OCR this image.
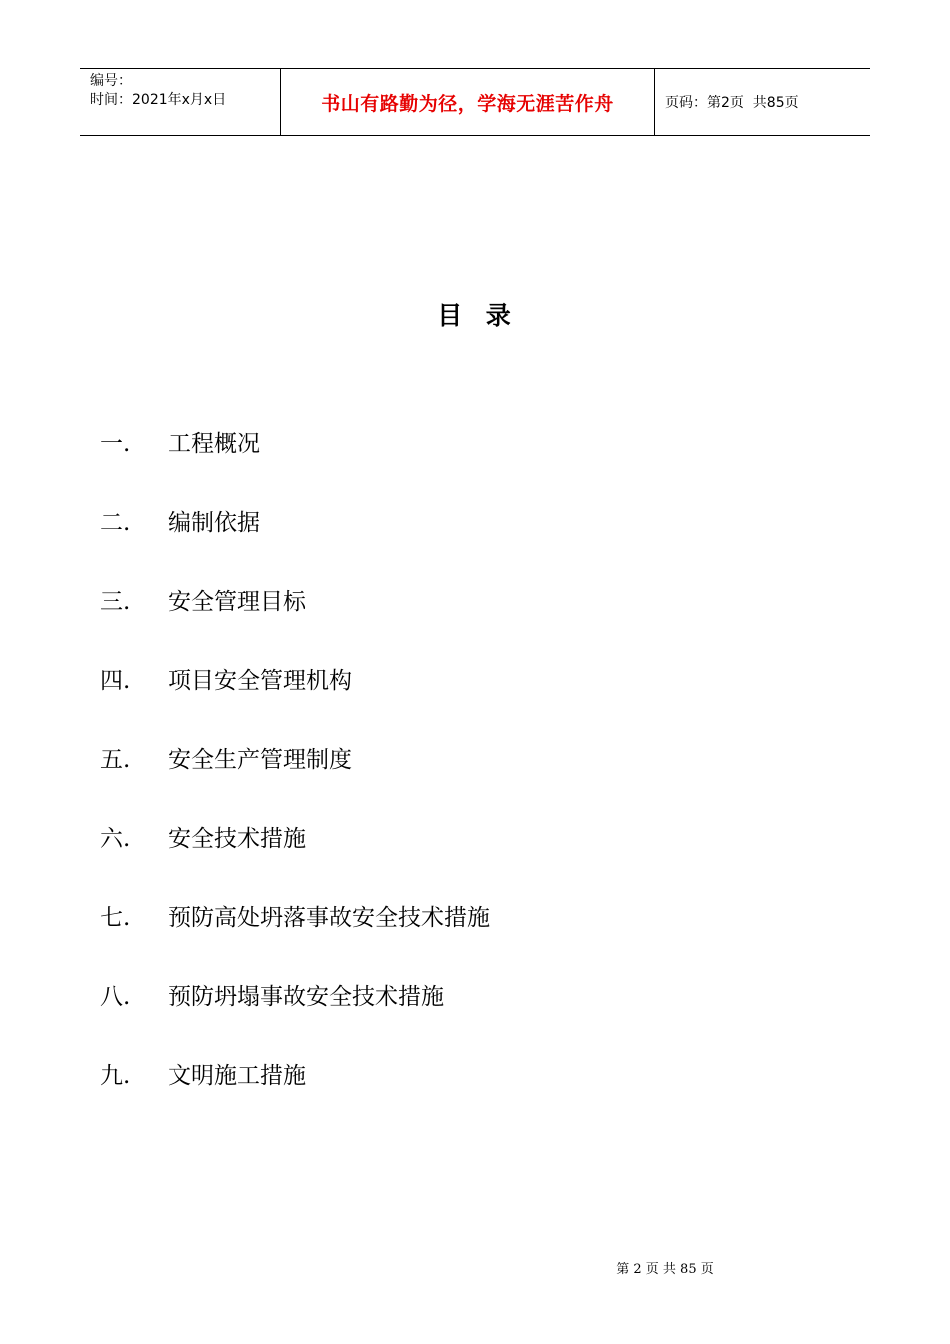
编号：
时间：2021年x月x日	书山有路勤为径，学海无涯苦作舟	页码：第2页  共85页
目  录
一.	工程概况
二.	编制依据
三.	安全管理目标
四.	项目安全管理机构
五.	安全生产管理制度
六.	安全技术措施
七.	预防高处坍落事故安全技术措施
八.	预防坍塌事故安全技术措施
九.	文明施工措施
第 2 页 共 85 页
